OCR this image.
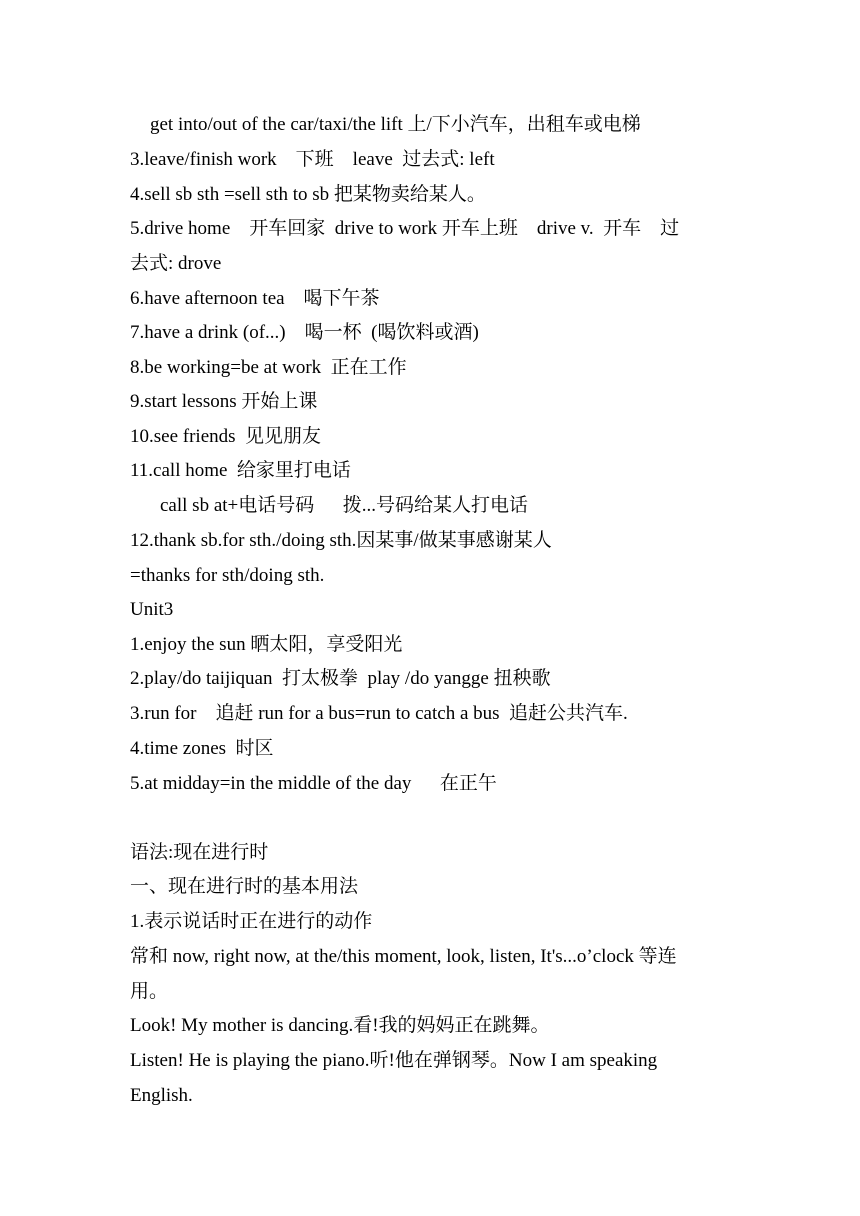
get into/out of the car/taxi/the lift 上/下小汽车，出租车或电梯
3.leave/finish work    下班    leave  过去式: left
4.sell sb sth =sell sth to sb 把某物卖给某人。
5.drive home    开车回家  drive to work 开车上班    drive v.  开车    过
去式: drove
6.have afternoon tea    喝下午茶
7.have a drink (of...)    喝一杯  (喝饮料或酒)
8.be working=be at work  正在工作
9.start lessons 开始上课
10.see friends  见见朋友
11.call home  给家里打电话
call sb at+电话号码      拨...号码给某人打电话
12.thank sb.for sth./doing sth.因某事/做某事感谢某人
=thanks for sth/doing sth.
Unit3
1.enjoy the sun 晒太阳，享受阳光
2.play/do taijiquan  打太极拳  play /do yangge 扭秧歌
3.run for    追赶 run for a bus=run to catch a bus  追赶公共汽车.
4.time zones  时区
5.at midday=in the middle of the day      在正午
语法:现在进行时
一、现在进行时的基本用法
1.表示说话时正在进行的动作
常和 now, right now, at the/this moment, look, listen, It's...o’clock 等连
用。
Look! My mother is dancing.看!我的妈妈正在跳舞。
Listen! He is playing the piano.听!他在弹钢琴。Now I am speaking
English.
